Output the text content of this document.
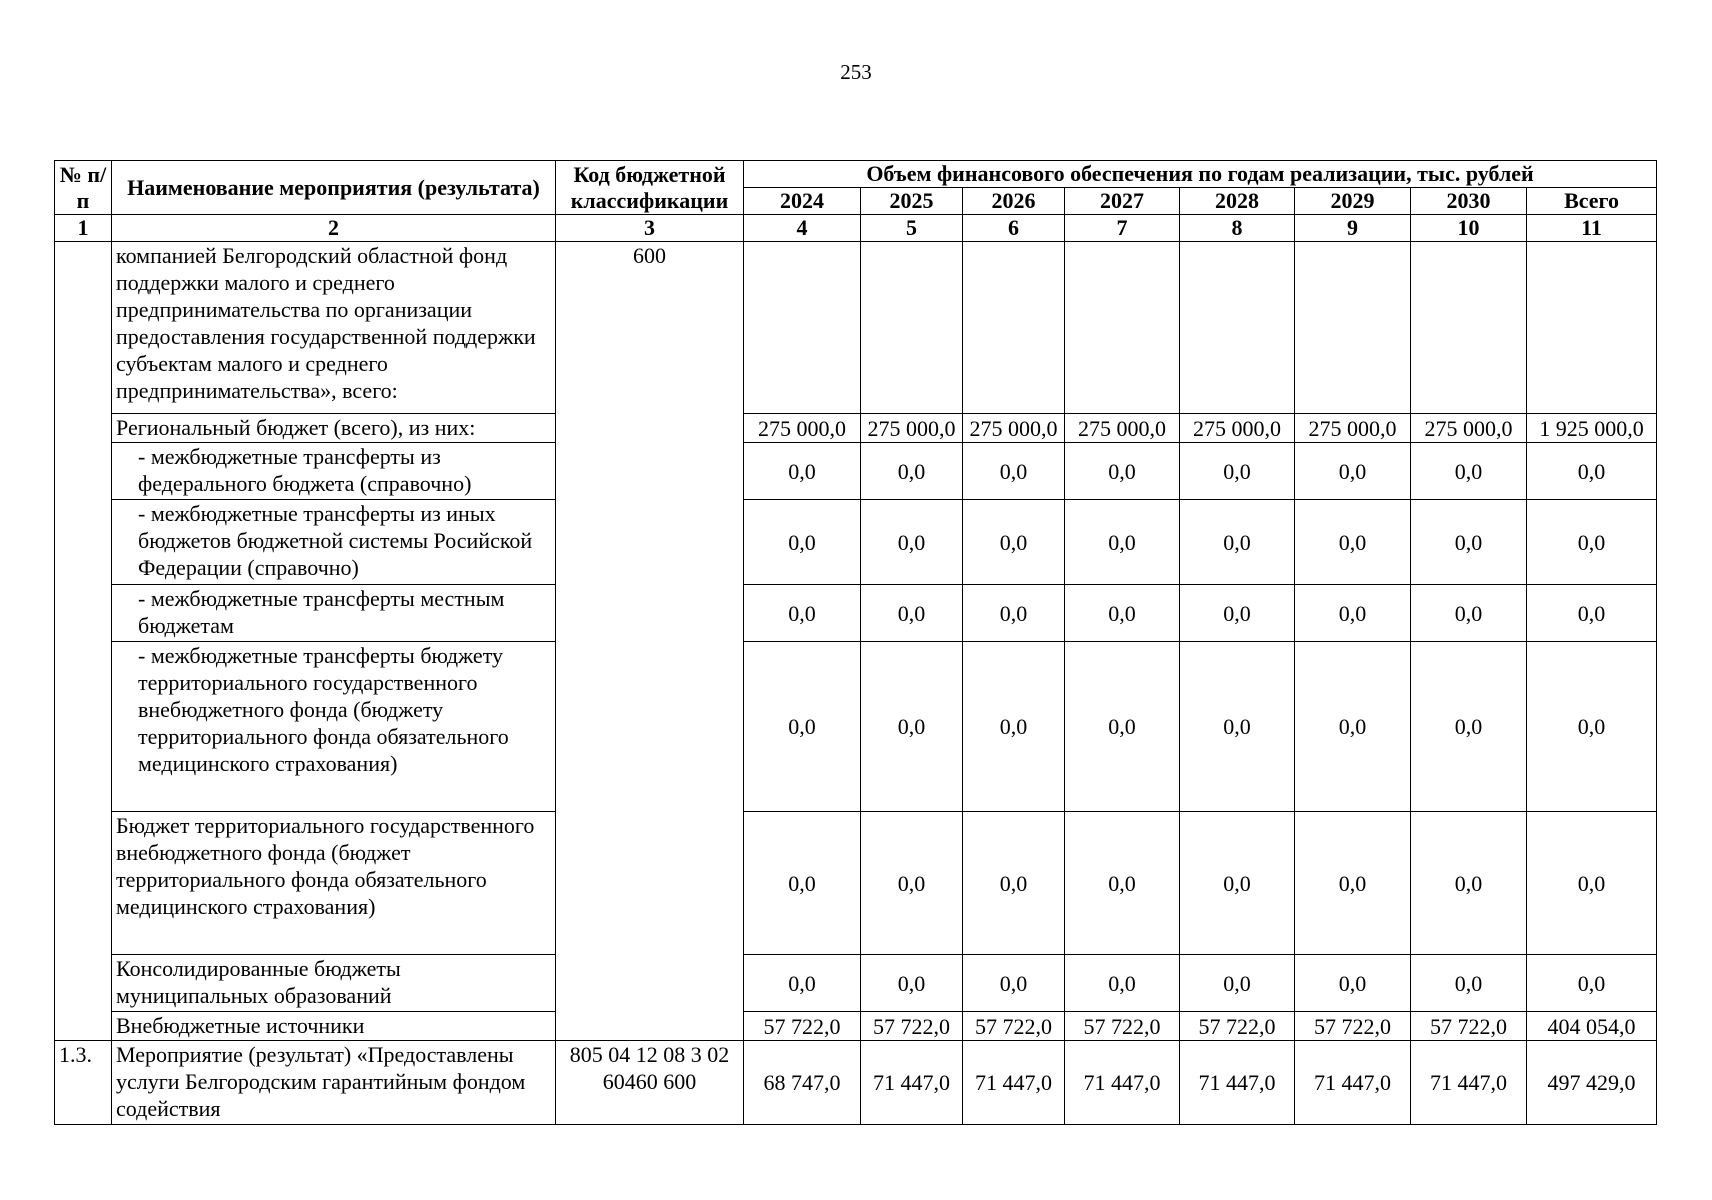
253
№ п/п	Наименование мероприятия (результата)	Код бюджетной классификации	Объем финансового обеспечения по годам реализации, тыс. рублей							
			2024	2025	2026	2027	2028	2029	2030	Всего
1	2	3	4	5	6	7	8	9	10	11
	компанией Белгородский областной фонд поддержки малого и среднего предпринимательства по организации предоставления государственной поддержки субъектам малого и среднего предпринимательства», всего:	600								
	Региональный бюджет (всего), из них:		275 000,0	275 000,0	275 000,0	275 000,0	275 000,0	275 000,0	275 000,0	1 925 000,0
	- межбюджетные трансферты из федерального бюджета (справочно)		0,0	0,0	0,0	0,0	0,0	0,0	0,0	0,0
	- межбюджетные трансферты из иных бюджетов бюджетной системы Росийской Федерации (справочно)		0,0	0,0	0,0	0,0	0,0	0,0	0,0	0,0
	- межбюджетные трансферты местным бюджетам		0,0	0,0	0,0	0,0	0,0	0,0	0,0	0,0
	- межбюджетные трансферты бюджету территориального государственного внебюджетного фонда (бюджету территориального фонда обязательного медицинского страхования)		0,0	0,0	0,0	0,0	0,0	0,0	0,0	0,0
	Бюджет территориального государственного внебюджетного фонда (бюджет территориального фонда обязательного медицинского страхования)		0,0	0,0	0,0	0,0	0,0	0,0	0,0	0,0
	Консолидированные бюджеты муниципальных образований		0,0	0,0	0,0	0,0	0,0	0,0	0,0	0,0
	Внебюджетные источники		57 722,0	57 722,0	57 722,0	57 722,0	57 722,0	57 722,0	57 722,0	404 054,0
1.3.	Мероприятие (результат) «Предоставлены услуги Белгородским гарантийным фондом содействия	805 04 12 08 3 02 60460 600	68 747,0	71 447,0	71 447,0	71 447,0	71 447,0	71 447,0	71 447,0	497 429,0
